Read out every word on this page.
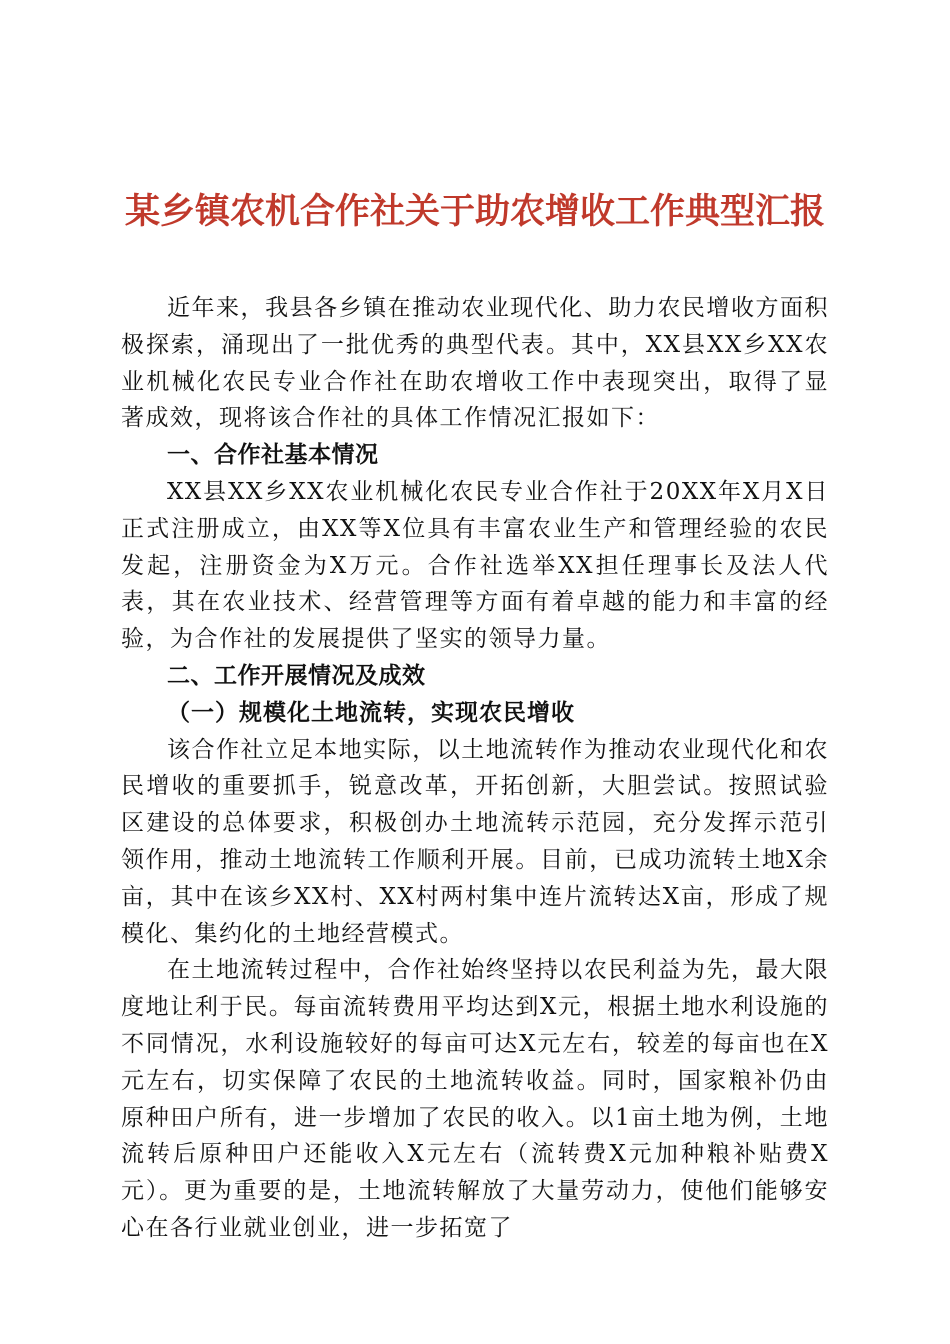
某乡镇农机合作社关于助农增收工作典型汇报

近年来，我县各乡镇在推动农业现代化、助力农民增收方面积极探索，涌现出了一批优秀的典型代表。其中，XX县XX乡XX农业机械化农民专业合作社在助农增收工作中表现突出，取得了显著成效，现将该合作社的具体工作情况汇报如下：

一、合作社基本情况

XX县XX乡XX农业机械化农民专业合作社于20XX年X月X日正式注册成立，由XX等X位具有丰富农业生产和管理经验的农民发起，注册资金为X万元。合作社选举XX担任理事长及法人代表，其在农业技术、经营管理等方面有着卓越的能力和丰富的经验，为合作社的发展提供了坚实的领导力量。

二、工作开展情况及成效

（一）规模化土地流转，实现农民增收

该合作社立足本地实际，以土地流转作为推动农业现代化和农民增收的重要抓手，锐意改革，开拓创新，大胆尝试。按照试验区建设的总体要求，积极创办土地流转示范园，充分发挥示范引领作用，推动土地流转工作顺利开展。目前，已成功流转土地X余亩，其中在该乡XX村、XX村两村集中连片流转达X亩，形成了规模化、集约化的土地经营模式。

在土地流转过程中，合作社始终坚持以农民利益为先，最大限度地让利于民。每亩流转费用平均达到X元，根据土地水利设施的不同情况，水利设施较好的每亩可达X元左右，较差的每亩也在X元左右，切实保障了农民的土地流转收益。同时，国家粮补仍由原种田户所有，进一步增加了农民的收入。以1亩土地为例，土地流转后原种田户还能收入X元左右（流转费X元加种粮补贴费X元）。更为重要的是，土地流转解放了大量劳动力，使他们能够安心在各行业就业创业，进一步拓宽了
